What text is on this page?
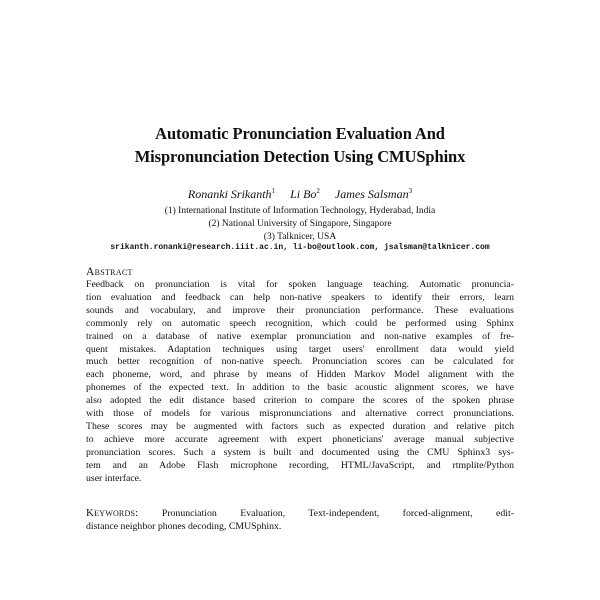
Automatic Pronunciation Evaluation And
Mispronunciation Detection Using CMUSphinx
Ronanki Srikanth$^1$ Li Bo$^2$ James Salsman$^3$
(1) International Institute of Information Technology, Hyderabad, India
(2) National University of Singapore, Singapore
(3) Talknicer, USA
srikanth.ronanki@research.iiit.ac.in, li-bo@outlook.com, jsalsman@talknicer.com
Abstract
Feedback on pronunciation is vital for spoken language teaching. Automatic pronuncia-
tion evaluation and feedback can help non-native speakers to identify their errors, learn
sounds and vocabulary, and improve their pronunciation performance. These evaluations
commonly rely on automatic speech recognition, which could be performed using Sphinx
trained on a database of native exemplar pronunciation and non-native examples of fre-
quent mistakes. Adaptation techniques using target users' enrollment data would yield
much better recognition of non-native speech. Pronunciation scores can be calculated for
each phoneme, word, and phrase by means of Hidden Markov Model alignment with the
phonemes of the expected text. In addition to the basic acoustic alignment scores, we have
also adopted the edit distance based criterion to compare the scores of the spoken phrase
with those of models for various mispronunciations and alternative correct pronunciations.
These scores may be augmented with factors such as expected duration and relative pitch
to achieve more accurate agreement with expert phoneticians' average manual subjective
pronunciation scores. Such a system is built and documented using the CMU Sphinx3 sys-
tem and an Adobe Flash microphone recording, HTML/JavaScript, and rtmplite/Python
user interface.
Keywords: Pronunciation Evaluation, Text-independent, forced-alignment, edit-
distance neighbor phones decoding, CMUSphinx.
